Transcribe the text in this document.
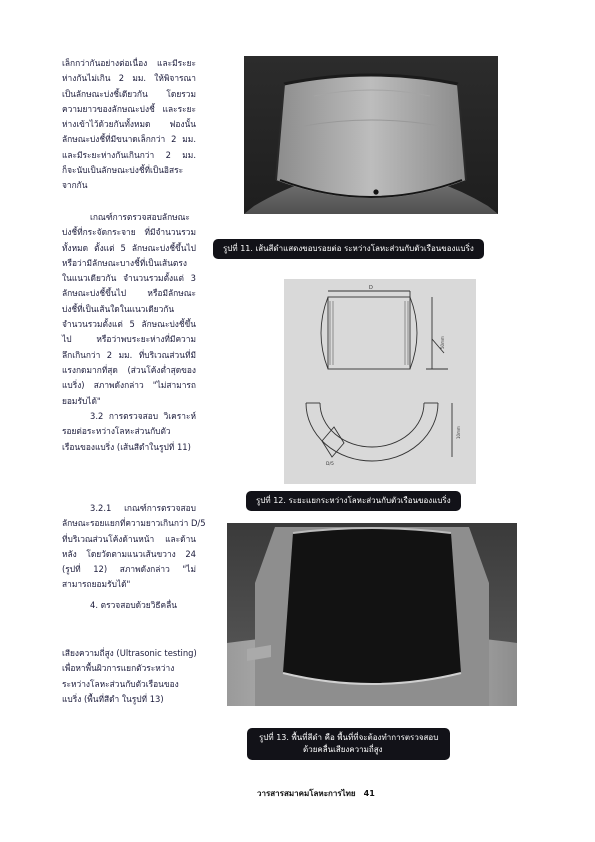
เล็กกว่ากันอย่างต่อเนื่อง และมีระยะ
ห่างกันไม่เกิน 2 มม. ให้พิจารณา
เป็นลักษณะบ่งชี้เดียวกัน โดยรวม
ความยาวของลักษณะบ่งชี้ และระยะ
ห่างเข้าไว้ด้วยกันทั้งหมด ฟองนั้น
ลักษณะบ่งชี้ที่มีขนาดเล็กกว่า 2 มม.
และมีระยะห่างกันเกินกว่า 2 มม.
ก็จะนับเป็นลักษณะบ่งชี้ที่เป็นอิสระ
จากกัน
เกณฑ์การตรวจสอบลักษณะ
บ่งชี้ที่กระจัดกระจาย ที่มีจำนวนรวม
ทั้งหมด ตั้งแต่ 5 ลักษณะบ่งชี้ขึ้นไป
หรือว่ามีลักษณะบางชี้ที่เป็นเส้นตรง
ในแนวเดียวกัน จำนวนรวมตั้งแต่ 3
ลักษณะบ่งชี้ขึ้นไป หรือมีลักษณะ
บ่งชี้ที่เป็นเส้นใดในแนวเดียวกัน
จำนวนรวมตั้งแต่ 5 ลักษณะบ่งชี้ขึ้น
ไป หรือว่าพบระยะห่างที่มีความ
ลึกเกินกว่า 2 มม. ที่บริเวณส่วนที่มี
แรงกดมากที่สุด (ส่วนโค้งต่ำสุดของ
แบริ่ง) สภาพดังกล่าว "ไม่สามารถ
ยอมรับได้"
3.2 การตรวจสอบ วิเคราะห์
รอยต่อระหว่างโลหะส่วนกับตัว
เรือนของแบริ่ง (เส้นสีดำในรูปที่ 11)
3.2.1 เกณฑ์การตรวจสอบ
ลักษณะรอยแยกที่ความยาวเกินกว่า D/5
ที่บริเวณส่วนโค้งด้านหน้า และด้าน
หลัง โดยวัดตามแนวเส้นขวาง 24
(รูปที่ 12) สภาพดังกล่าว "ไม่
สามารถยอมรับได้"
4. ตรวจสอบด้วยวิธีคลื่น
เสียงความถี่สูง (Ultrasonic testing)
เพื่อหาพื้นผิวการแยกตัวระหว่าง
ระหว่างโลหะส่วนกับตัวเรือนของ
แบริ่ง (พื้นที่สีดำ ในรูปที่ 13)
รูปที่ 11. เส้นสีดำแสดงขอบรอยต่อ ระหว่างโลหะส่วนกับตัวเรือนของแบริ่ง
D
50mm
D/5
10mm
รูปที่ 12. ระยะแยกระหว่างโลหะส่วนกับตัวเรือนของแบริ่ง
รูปที่ 13. พื้นที่สีดำ คือ พื้นที่ที่จะต้องทำการตรวจสอบ
ด้วยคลื่นเสียงความถี่สูง
วารสารสมาคมโลหะการไทย 41
